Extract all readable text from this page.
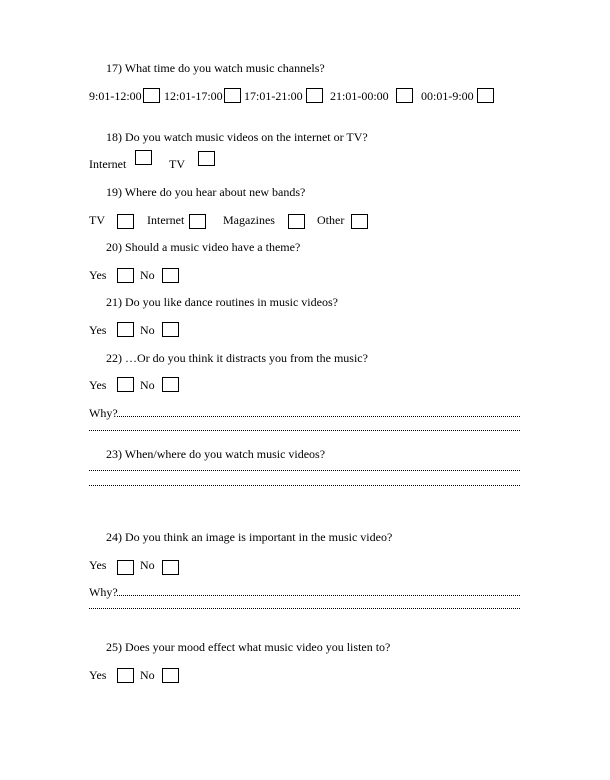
17) What time do you watch music channels?
9:01-12:00 12:01-17:00 17:01-21:00 21:01-00:00	00:01-9:00
18) Do you watch music videos on the internet or TV?
Internet	TV
19) Where do you hear about new bands?
TV	Internet	Magazines	Other
20) Should a music video have a theme?
Yes	No
21) Do you like dance routines in music videos?
Yes	No
22) …Or do you think it distracts you from the music?
Yes	No
Why?
23) When/where do you watch music videos?
24) Do you think an image is important in the music video?
Yes	No
Why?
25) Does your mood effect what music video you listen to?
Yes	No
